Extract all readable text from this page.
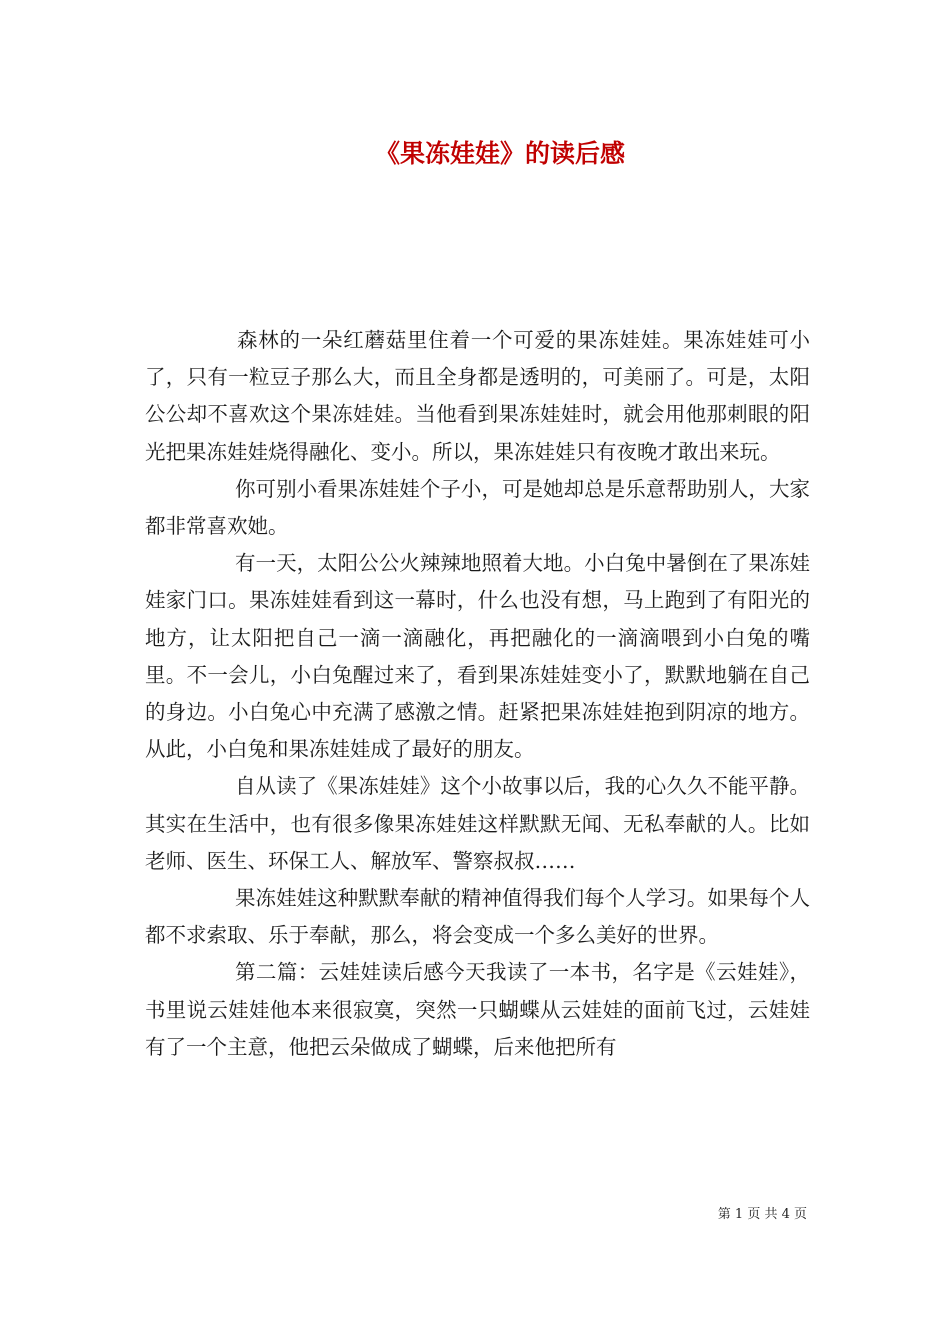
《果冻娃娃》的读后感

森林的一朵红蘑菇里住着一个可爱的果冻娃娃。果冻娃娃可小了，只有一粒豆子那么大，而且全身都是透明的，可美丽了。可是，太阳公公却不喜欢这个果冻娃娃。当他看到果冻娃娃时，就会用他那刺眼的阳光把果冻娃娃烧得融化、变小。所以，果冻娃娃只有夜晚才敢出来玩。

你可别小看果冻娃娃个子小，可是她却总是乐意帮助别人，大家都非常喜欢她。

有一天，太阳公公火辣辣地照着大地。小白兔中暑倒在了果冻娃娃家门口。果冻娃娃看到这一幕时，什么也没有想，马上跑到了有阳光的地方，让太阳把自己一滴一滴融化，再把融化的一滴滴喂到小白兔的嘴里。不一会儿，小白兔醒过来了，看到果冻娃娃变小了，默默地躺在自己的身边。小白兔心中充满了感激之情。赶紧把果冻娃娃抱到阴凉的地方。从此，小白兔和果冻娃娃成了最好的朋友。

自从读了《果冻娃娃》这个小故事以后，我的心久久不能平静。其实在生活中，也有很多像果冻娃娃这样默默无闻、无私奉献的人。比如老师、医生、环保工人、解放军、警察叔叔……

果冻娃娃这种默默奉献的精神值得我们每个人学习。如果每个人都不求索取、乐于奉献，那么，将会变成一个多么美好的世界。

第二篇：云娃娃读后感今天我读了一本书，名字是《云娃娃》，书里说云娃娃他本来很寂寞，突然一只蝴蝶从云娃娃的面前飞过，云娃娃有了一个主意，他把云朵做成了蝴蝶，后来他把所有

第 1 页 共 4 页
